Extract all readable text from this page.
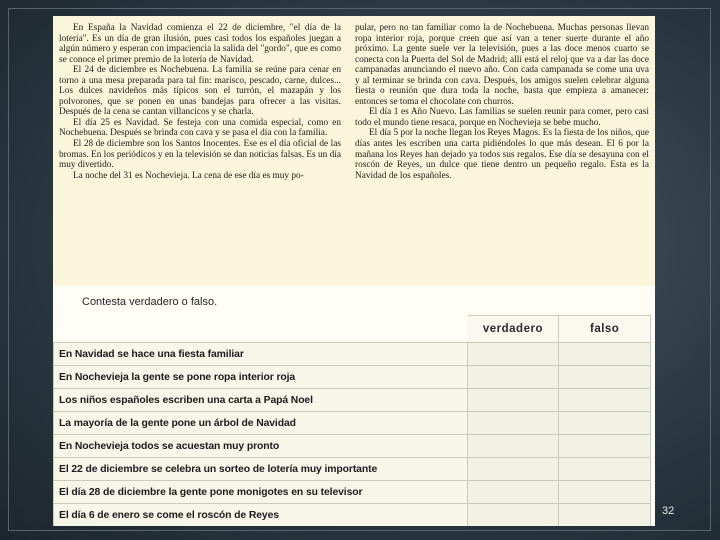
En España la Navidad comienza el 22 de diciembre, "el día de la lotería". Es un día de gran ilusión, pues casi todos los españoles juegan a algún número y esperan con impaciencia la salida del "gordo", que es como se conoce el primer premio de la lotería de Navidad.

El 24 de diciembre es Nochebuena. La familia se reúne para cenar en torno a una mesa preparada para tal fin: marisco, pescado, carne, dulces... Los dulces navideños más típicos son el turrón, el mazapán y los polvorones, que se ponen en unas bandejas para ofrecer a las visitas. Después de la cena se cantan villancicos y se charla.

El día 25 es Navidad. Se festeja con una comida especial, como en Nochebuena. Después se brinda con cava y se pasa el día con la familia.

El 28 de diciembre son los Santos Inocentes. Ese es el día oficial de las bromas. En los periódicos y en la televisión se dan noticias falsas. Es un día muy divertido.

La noche del 31 es Nochevieja. La cena de ese día es muy po-

pular, pero no tan familiar como la de Nochebuena. Muchas personas llevan ropa interior roja, porque creen que así van a tener suerte durante el año próximo. La gente suele ver la televisión, pues a las doce menos cuarto se conecta con la Puerta del Sol de Madrid; allí está el reloj que va a dar las doce campanadas anunciando el nuevo año. Con cada campanada se come una uva y al terminar se brinda con cava. Después, los amigos suelen celebrar alguna fiesta o reunión que dura toda la noche, hasta que empieza a amanecer: entonces se toma el chocolate con churros.

El día 1 es Año Nuevo. Las familias se suelen reunir para comer, pero casi todo el mundo tiene resaca, porque en Nochevieja se bebe mucho.

El día 5 por la noche llegan los Reyes Magos. Es la fiesta de los niños, que días antes les escriben una carta pidiéndoles lo que más desean. El 6 por la mañana los Reyes han dejado ya todos sus regalos. Ese día se desayuna con el roscón de Reyes, un dulce que tiene dentro un pequeño regalo. Esta es la Navidad de los españoles.

Contesta verdadero o falso.
	verdadero	falso
En Navidad se hace una fiesta familiar		
En Nochevieja la gente se pone ropa interior roja		
Los niños españoles escriben una carta a Papá Noel		
La mayoría de la gente pone un árbol de Navidad		
En Nochevieja todos se acuestan muy pronto		
El 22 de diciembre se celebra un sorteo de lotería muy importante		
El día 28 de diciembre la gente pone monigotes en su televisor		
El día 6 de enero se come el roscón de Reyes			32
